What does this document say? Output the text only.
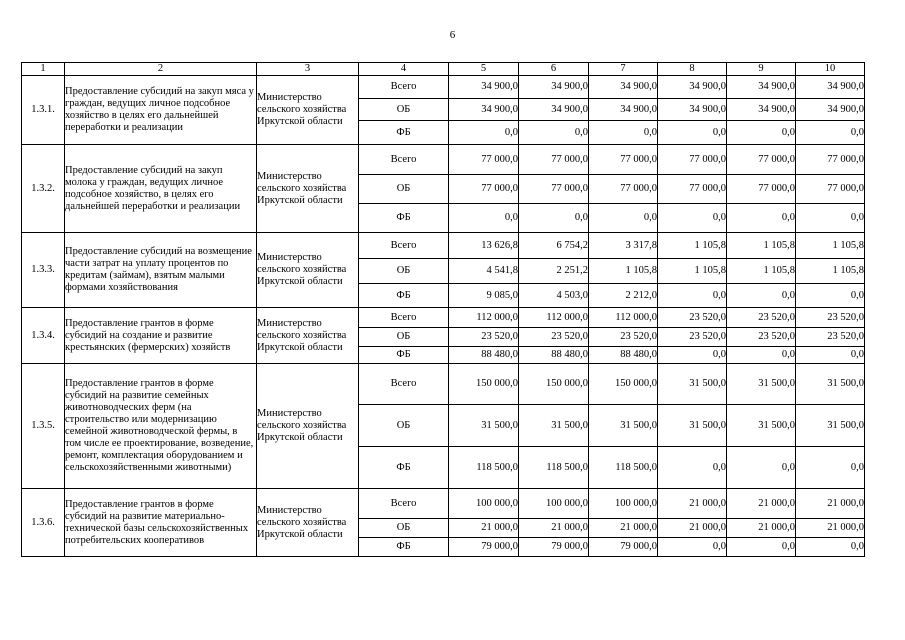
6
1	2	3	4	5	6	7	8	9	10
1.3.1.	Предоставление субсидий на закуп мяса у граждан, ведущих личное подсобное хозяйство в целях его дальнейшей переработки и реализации	Министерство сельского хозяйства Иркутской области	Всего	34 900,0	34 900,0	34 900,0	34 900,0	34 900,0	34 900,0
			ОБ	34 900,0	34 900,0	34 900,0	34 900,0	34 900,0	34 900,0
			ФБ	0,0	0,0	0,0	0,0	0,0	0,0
1.3.2.	Предоставление субсидий на закуп молока у граждан, ведущих личное подсобное хозяйство, в целях его дальнейшей переработки и реализации	Министерство сельского хозяйства Иркутской области	Всего	77 000,0	77 000,0	77 000,0	77 000,0	77 000,0	77 000,0
			ОБ	77 000,0	77 000,0	77 000,0	77 000,0	77 000,0	77 000,0
			ФБ	0,0	0,0	0,0	0,0	0,0	0,0
1.3.3.	Предоставление субсидий на возмещение части затрат на уплату процентов по кредитам (займам), взятым малыми формами хозяйствования	Министерство сельского хозяйства Иркутской области	Всего	13 626,8	6 754,2	3 317,8	1 105,8	1 105,8	1 105,8
			ОБ	4 541,8	2 251,2	1 105,8	1 105,8	1 105,8	1 105,8
			ФБ	9 085,0	4 503,0	2 212,0	0,0	0,0	0,0
1.3.4.	Предоставление грантов в форме субсидий на создание и развитие крестьянских (фермерских) хозяйств	Министерство сельского хозяйства Иркутской области	Всего	112 000,0	112 000,0	112 000,0	23 520,0	23 520,0	23 520,0
			ОБ	23 520,0	23 520,0	23 520,0	23 520,0	23 520,0	23 520,0
			ФБ	88 480,0	88 480,0	88 480,0	0,0	0,0	0,0
1.3.5.	Предоставление грантов в форме субсидий на развитие семейных животноводческих ферм (на строительство или модернизацию семейной животноводческой фермы, в том числе ее проектирование, возведение, ремонт, комплектация оборудованием и сельскохозяйственными животными)	Министерство сельского хозяйства Иркутской области	Всего	150 000,0	150 000,0	150 000,0	31 500,0	31 500,0	31 500,0
			ОБ	31 500,0	31 500,0	31 500,0	31 500,0	31 500,0	31 500,0
			ФБ	118 500,0	118 500,0	118 500,0	0,0	0,0	0,0
1.3.6.	Предоставление грантов в форме субсидий на развитие материально-технической базы сельскохозяйственных потребительских кооперативов	Министерство сельского хозяйства Иркутской области	Всего	100 000,0	100 000,0	100 000,0	21 000,0	21 000,0	21 000,0
			ОБ	21 000,0	21 000,0	21 000,0	21 000,0	21 000,0	21 000,0
			ФБ	79 000,0	79 000,0	79 000,0	0,0	0,0	0,0
